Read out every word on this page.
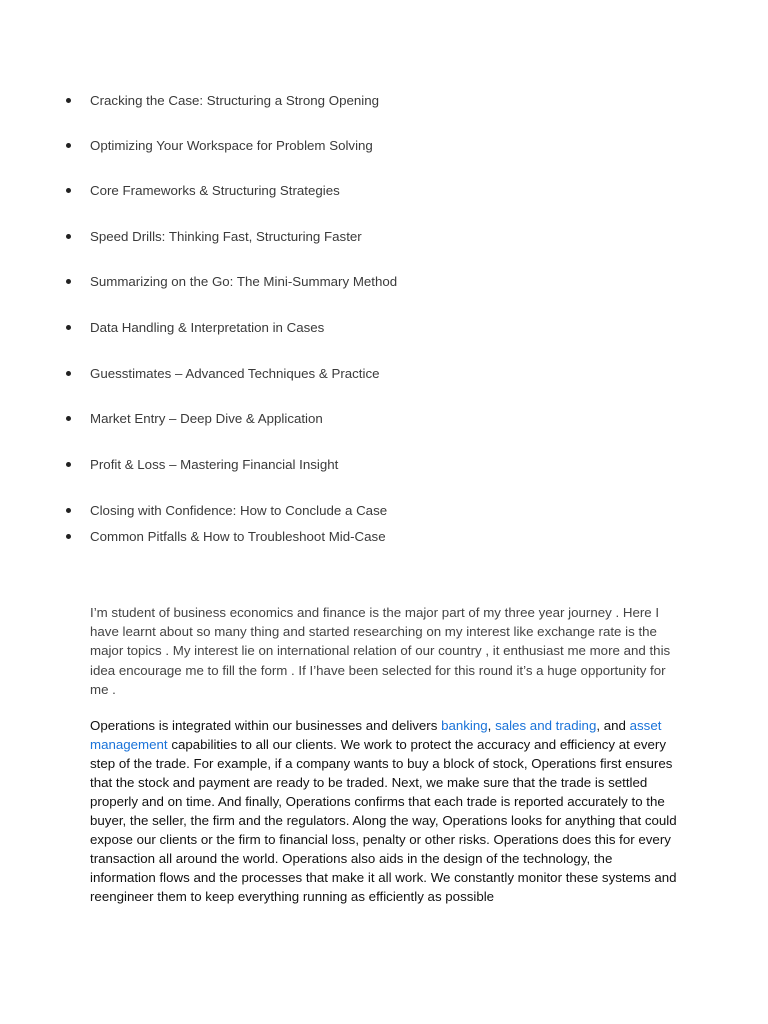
Cracking the Case: Structuring a Strong Opening
Optimizing Your Workspace for Problem Solving
Core Frameworks & Structuring Strategies
Speed Drills: Thinking Fast, Structuring Faster
Summarizing on the Go: The Mini-Summary Method
Data Handling & Interpretation in Cases
Guesstimates – Advanced Techniques & Practice
Market Entry – Deep Dive & Application
Profit & Loss – Mastering Financial Insight
Closing with Confidence: How to Conclude a Case
Common Pitfalls & How to Troubleshoot Mid-Case

I’m student of business economics and finance is the major part of my three year journey . Here I have learnt about so many thing and started researching on my interest like exchange rate is the major topics . My interest lie on international relation of our country , it enthusiast me more and this idea encourage me to fill the form . If I’have been selected for this round it’s a huge opportunity for me .

Operations is integrated within our businesses and delivers banking, sales and trading, and asset management capabilities to all our clients. We work to protect the accuracy and efficiency at every step of the trade. For example, if a company wants to buy a block of stock, Operations first ensures that the stock and payment are ready to be traded. Next, we make sure that the trade is settled properly and on time. And finally, Operations confirms that each trade is reported accurately to the buyer, the seller, the firm and the regulators. Along the way, Operations looks for anything that could expose our clients or the firm to financial loss, penalty or other risks. Operations does this for every transaction all around the world. Operations also aids in the design of the technology, the information flows and the processes that make it all work. We constantly monitor these systems and reengineer them to keep everything running as efficiently as possible
